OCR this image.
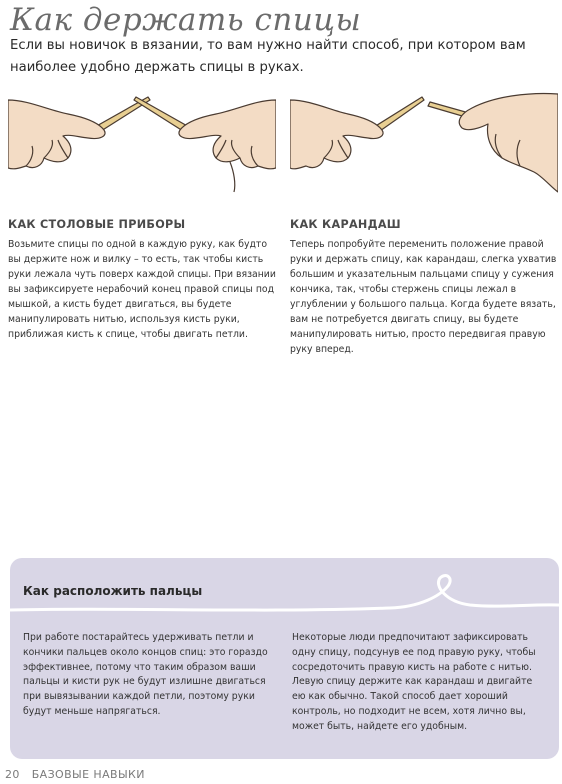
Как держать спицы
Если вы новичок в вязании, то вам нужно найти способ, при котором вам наиболее удобно держать спицы в руках.
КАК СТОЛОВЫЕ ПРИБОРЫ

Возьмите спицы по одной в каждую руку, как будто вы держите нож и вилку – то есть, так чтобы кисть руки лежала чуть поверх каждой спицы. При вязании вы зафиксируете нерабочий конец правой спицы под мышкой, а кисть будет двигаться, вы будете манипулировать нитью, используя кисть руки, приближая кисть к спице, чтобы двигать петли.

КАК КАРАНДАШ

Теперь попробуйте переменить положение правой руки и держать спицу, как карандаш, слегка ухватив большим и указательным пальцами спицу у сужения кончика, так, чтобы стержень спицы лежал в углублении у большого пальца. Когда будете вязать, вам не потребуется двигать спицу, вы будете манипулировать нитью, просто передвигая правую руку вперед.

Как расположить пальцы
При работе постарайтесь удерживать петли и кончики пальцев около концов спиц: это гораздо эффективнее, потому что таким образом ваши пальцы и кисти рук не будут излишне двигаться при вывязывании каждой петли, поэтому руки будут меньше напрягаться.
Некоторые люди предпочитают зафиксировать одну спицу, подсунув ее под правую руку, чтобы сосредоточить правую кисть на работе с нитью. Левую спицу держите как карандаш и двигайте ею как обычно. Такой способ дает хороший контроль, но подходит не всем, хотя лично вы, может быть, найдете его удобным.
20 БАЗОВЫЕ НАВЫКИ
